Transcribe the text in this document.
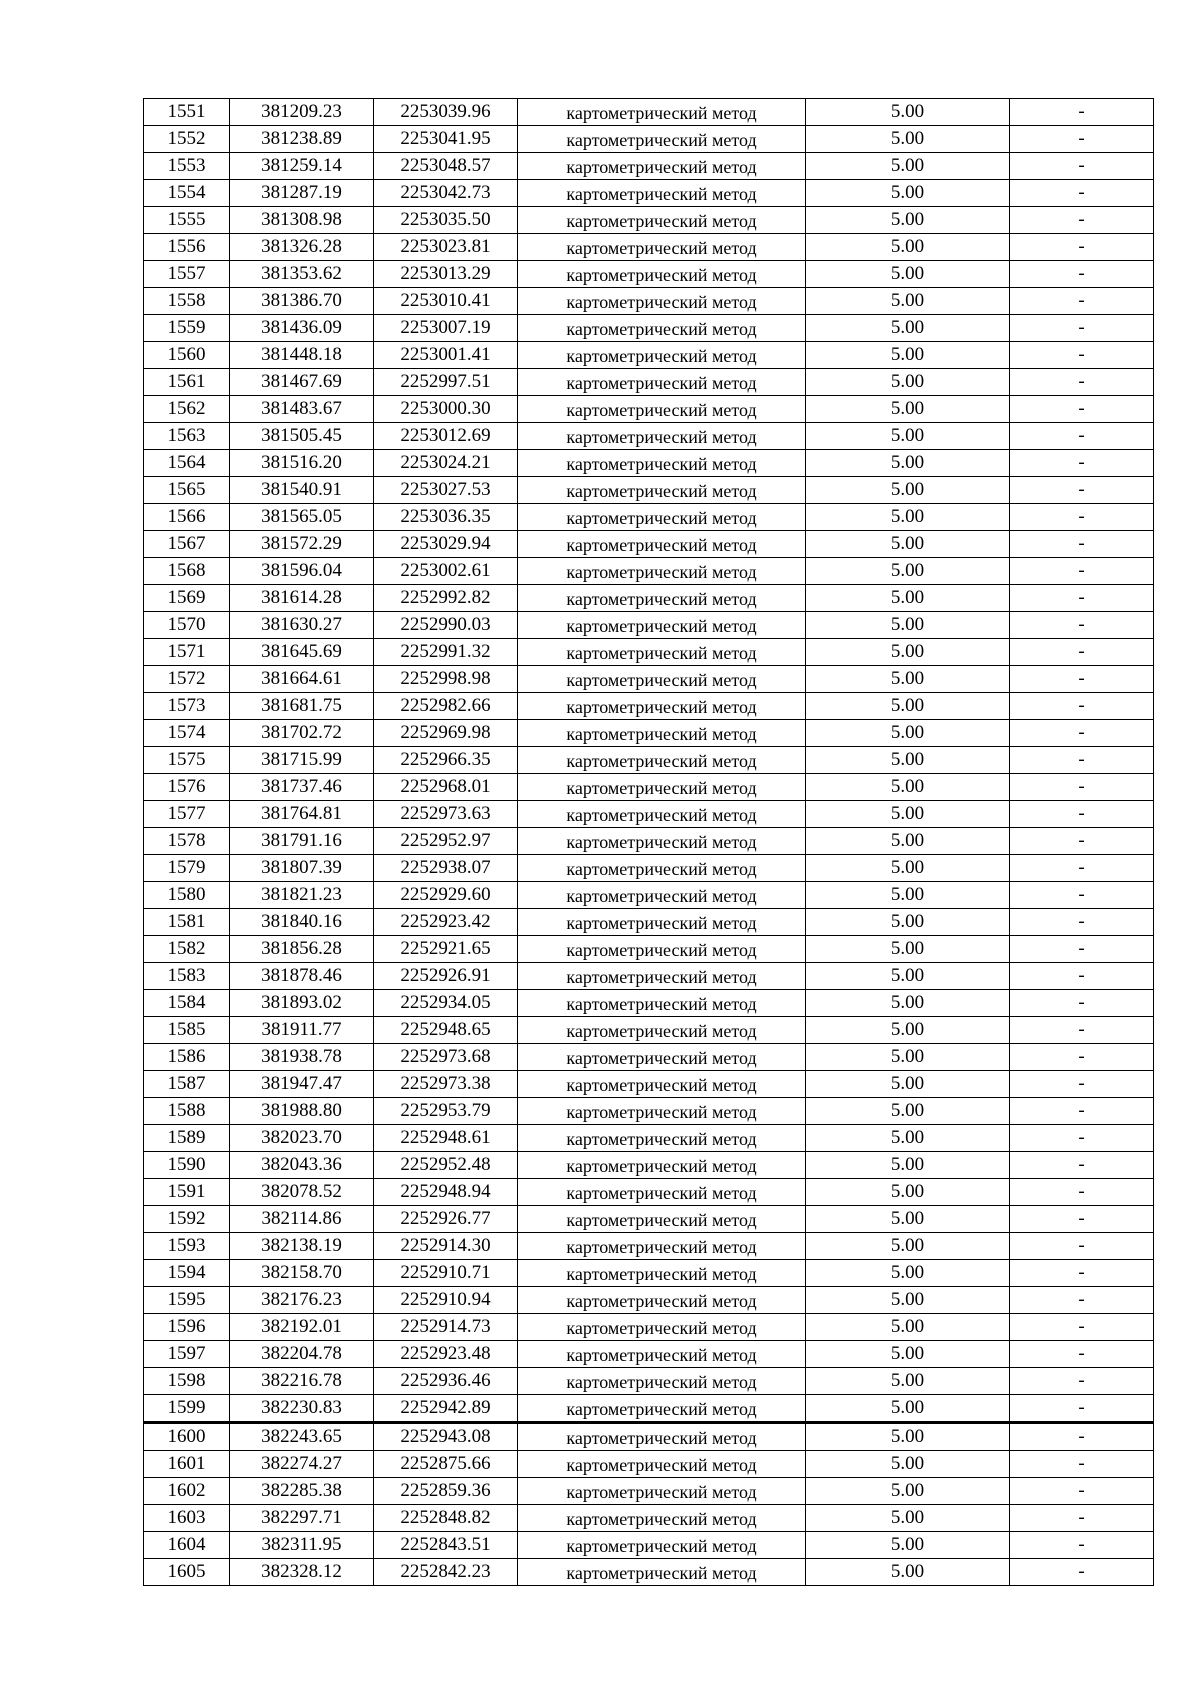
1551	381209.23	2253039.96	картометрический метод	5.00	-
1552	381238.89	2253041.95	картометрический метод	5.00	-
1553	381259.14	2253048.57	картометрический метод	5.00	-
1554	381287.19	2253042.73	картометрический метод	5.00	-
1555	381308.98	2253035.50	картометрический метод	5.00	-
1556	381326.28	2253023.81	картометрический метод	5.00	-
1557	381353.62	2253013.29	картометрический метод	5.00	-
1558	381386.70	2253010.41	картометрический метод	5.00	-
1559	381436.09	2253007.19	картометрический метод	5.00	-
1560	381448.18	2253001.41	картометрический метод	5.00	-
1561	381467.69	2252997.51	картометрический метод	5.00	-
1562	381483.67	2253000.30	картометрический метод	5.00	-
1563	381505.45	2253012.69	картометрический метод	5.00	-
1564	381516.20	2253024.21	картометрический метод	5.00	-
1565	381540.91	2253027.53	картометрический метод	5.00	-
1566	381565.05	2253036.35	картометрический метод	5.00	-
1567	381572.29	2253029.94	картометрический метод	5.00	-
1568	381596.04	2253002.61	картометрический метод	5.00	-
1569	381614.28	2252992.82	картометрический метод	5.00	-
1570	381630.27	2252990.03	картометрический метод	5.00	-
1571	381645.69	2252991.32	картометрический метод	5.00	-
1572	381664.61	2252998.98	картометрический метод	5.00	-
1573	381681.75	2252982.66	картометрический метод	5.00	-
1574	381702.72	2252969.98	картометрический метод	5.00	-
1575	381715.99	2252966.35	картометрический метод	5.00	-
1576	381737.46	2252968.01	картометрический метод	5.00	-
1577	381764.81	2252973.63	картометрический метод	5.00	-
1578	381791.16	2252952.97	картометрический метод	5.00	-
1579	381807.39	2252938.07	картометрический метод	5.00	-
1580	381821.23	2252929.60	картометрический метод	5.00	-
1581	381840.16	2252923.42	картометрический метод	5.00	-
1582	381856.28	2252921.65	картометрический метод	5.00	-
1583	381878.46	2252926.91	картометрический метод	5.00	-
1584	381893.02	2252934.05	картометрический метод	5.00	-
1585	381911.77	2252948.65	картометрический метод	5.00	-
1586	381938.78	2252973.68	картометрический метод	5.00	-
1587	381947.47	2252973.38	картометрический метод	5.00	-
1588	381988.80	2252953.79	картометрический метод	5.00	-
1589	382023.70	2252948.61	картометрический метод	5.00	-
1590	382043.36	2252952.48	картометрический метод	5.00	-
1591	382078.52	2252948.94	картометрический метод	5.00	-
1592	382114.86	2252926.77	картометрический метод	5.00	-
1593	382138.19	2252914.30	картометрический метод	5.00	-
1594	382158.70	2252910.71	картометрический метод	5.00	-
1595	382176.23	2252910.94	картометрический метод	5.00	-
1596	382192.01	2252914.73	картометрический метод	5.00	-
1597	382204.78	2252923.48	картометрический метод	5.00	-
1598	382216.78	2252936.46	картометрический метод	5.00	-
1599	382230.83	2252942.89	картометрический метод	5.00	-
1600	382243.65	2252943.08	картометрический метод	5.00	-
1601	382274.27	2252875.66	картометрический метод	5.00	-
1602	382285.38	2252859.36	картометрический метод	5.00	-
1603	382297.71	2252848.82	картометрический метод	5.00	-
1604	382311.95	2252843.51	картометрический метод	5.00	-
1605	382328.12	2252842.23	картометрический метод	5.00	-
